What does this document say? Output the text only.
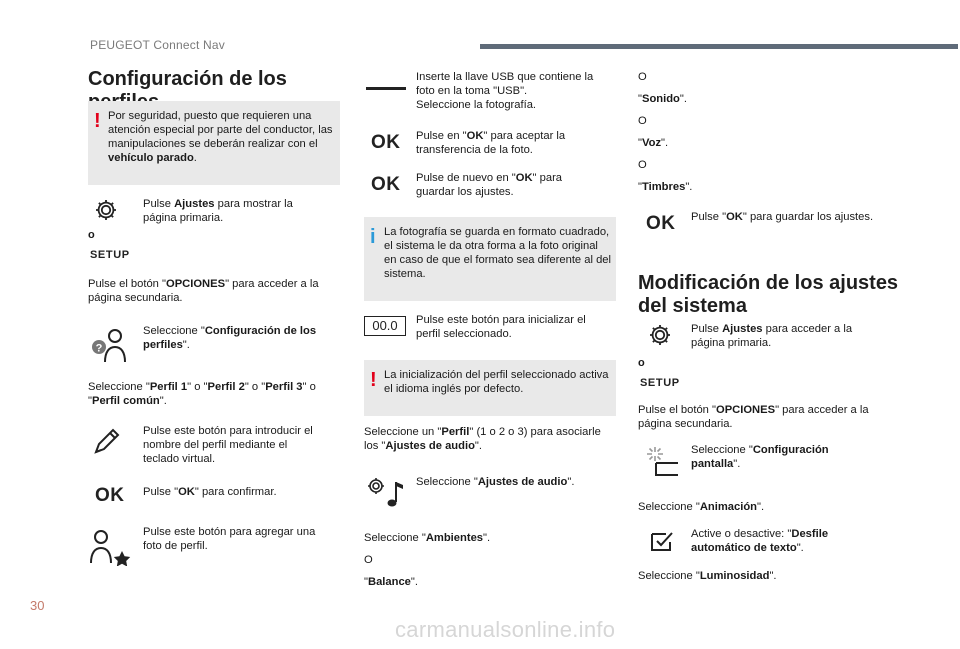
PEUGEOT Connect Nav
Configuración de los
! Por seguridad, puesto que requieren una atención especial por parte del conductor, las manipulaciones se deberán realizar con el vehículo parado.
Pulse Ajustes para mostrar la página primaria.
o
SETUP
Pulse el botón "OPCIONES" para acceder a la página secundaria.
?
Seleccione "Configuración de los perfiles".
Seleccione "Perfil 1" o "Perfil 2" o "Perfil 3" o "Perfil común".
Pulse este botón para introducir el nombre del perfil mediante el teclado virtual.
OK Pulse "OK" para confirmar.
Pulse este botón para agregar una foto de perfil.
Inserte la llave USB que contiene la foto en la toma "USB".
Seleccione la fotografía.
OK Pulse en "OK" para aceptar la transferencia de la foto.
OK Pulse de nuevo en "OK" para guardar los ajustes.
i La fotografía se guarda en formato cuadrado, el sistema le da otra forma a la foto original en caso de que el formato sea diferente al del sistema.
00.0	Pulse este botón para inicializar el perfil seleccionado.
! La inicialización del perfil seleccionado activa el idioma inglés por defecto.
Seleccione un "Perfil" (1 o 2 o 3) para asociarle los "Ajustes de audio".
Seleccione "Ajustes de audio".
Seleccione "Ambientes".
O
"Balance".
O
"Sonido".
O
"Voz".
O
"Timbres".
OK Pulse "OK" para guardar los ajustes.
Modificación de los ajustes del sistema
Pulse Ajustes para acceder a la página primaria.
o
SETUP
Pulse el botón "OPCIONES" para acceder a la página secundaria.
Seleccione "Configuración pantalla".
Seleccione "Animación".
Active o desactive: "Desfile automático de texto".
Seleccione "Luminosidad".
30
carmanualsonline.info
